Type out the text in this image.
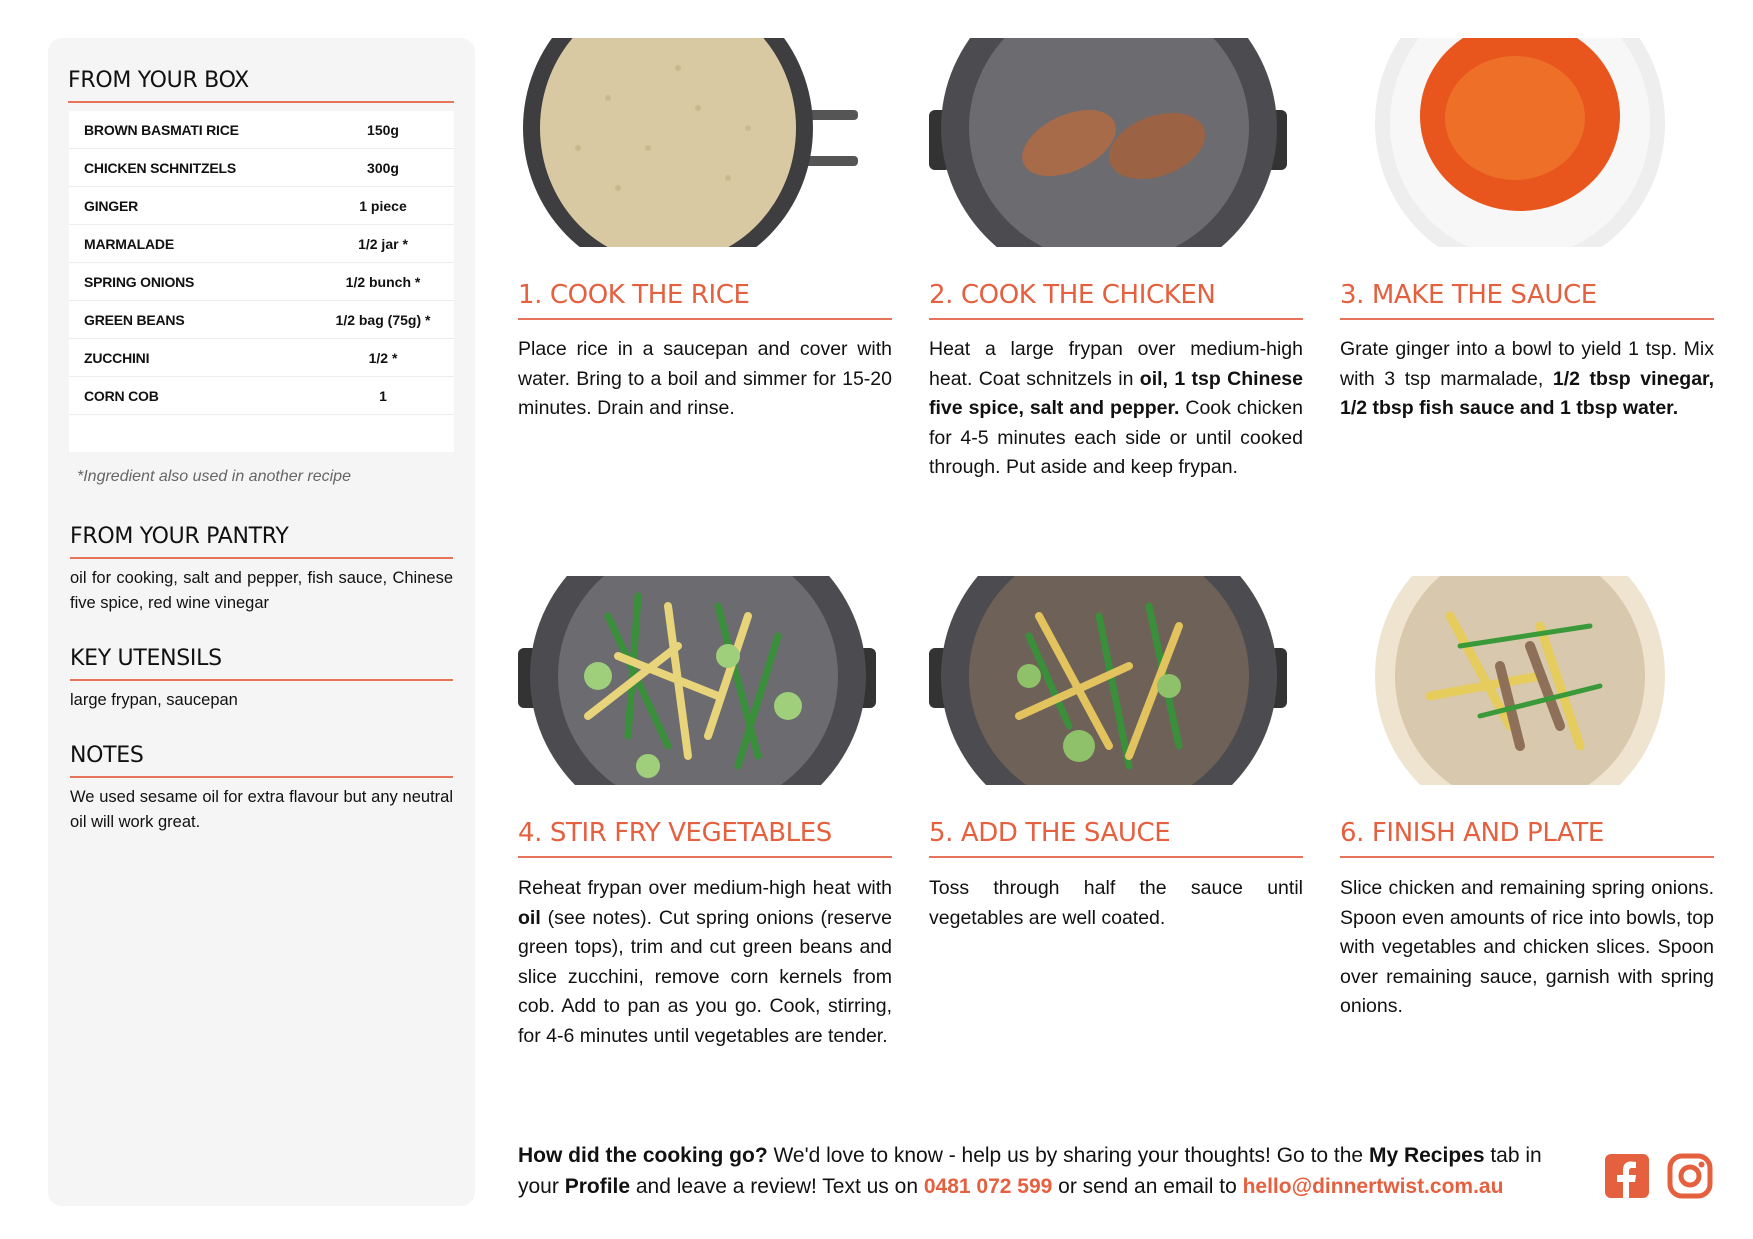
FROM YOUR BOX
BROWN BASMATI RICE	150g
CHICKEN SCHNITZELS	300g
GINGER	1 piece
MARMALADE	1/2 jar *
SPRING ONIONS	1/2 bunch *
GREEN BEANS	1/2 bag (75g) *
ZUCCHINI	1/2 *
CORN COB	1
*Ingredient also used in another recipe
FROM YOUR PANTRY
oil for cooking, salt and pepper, fish sauce, Chinese five spice, red wine vinegar
KEY UTENSILS
large frypan, saucepan
NOTES
We used sesame oil for extra flavour but any neutral oil will work great.
1. COOK THE RICE
Place rice in a saucepan and cover with water. Bring to a boil and simmer for 15-20 minutes. Drain and rinse.
2. COOK THE CHICKEN
Heat a large frypan over medium-high heat. Coat schnitzels in oil, 1 tsp Chinese five spice, salt and pepper. Cook chicken for 4-5 minutes each side or until cooked through. Put aside and keep frypan.
3. MAKE THE SAUCE
Grate ginger into a bowl to yield 1 tsp. Mix with 3 tsp marmalade, 1/2 tbsp vinegar, 1/2 tbsp fish sauce and 1 tbsp water.
4. STIR FRY VEGETABLES
Reheat frypan over medium-high heat with oil (see notes). Cut spring onions (reserve green tops), trim and cut green beans and slice zucchini, remove corn kernels from cob. Add to pan as you go. Cook, stirring, for 4-6 minutes until vegetables are tender.
5. ADD THE SAUCE
Toss through half the sauce until vegetables are well coated.
6. FINISH AND PLATE
Slice chicken and remaining spring onions. Spoon even amounts of rice into bowls, top with vegetables and chicken slices. Spoon over remaining sauce, garnish with spring onions.
How did the cooking go? We'd love to know - help us by sharing your thoughts! Go to the My Recipes tab in your Profile and leave a review! Text us on 0481 072 599 or send an email to hello@dinnertwist.com.au
